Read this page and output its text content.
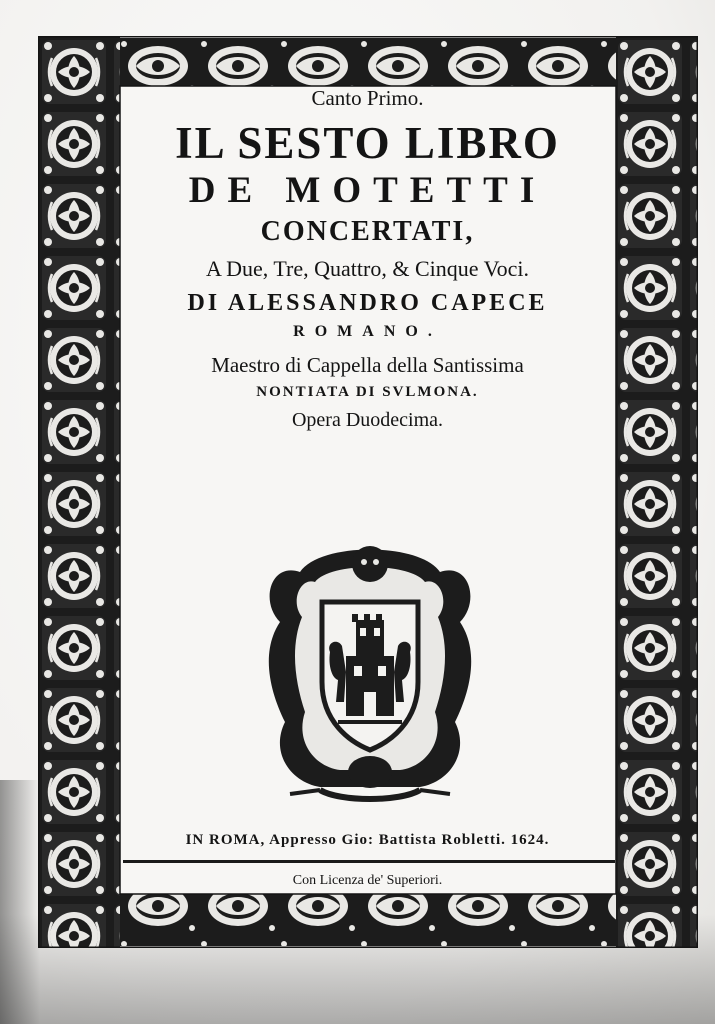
Canto Primo.
IL SESTO LIBRO
DE MOTETTI
CONCERTATI,
A Due, Tre, Quattro, & Cinque Voci.
DI ALESSANDRO CAPECE
ROMANO.
Maestro di Cappella della Santissima
NONTIATA DI SVLMONA.
Opera Duodecima.
IN ROMA, Appresso Gio: Battista Robletti. 1624.
Con Licenza de' Superiori.
